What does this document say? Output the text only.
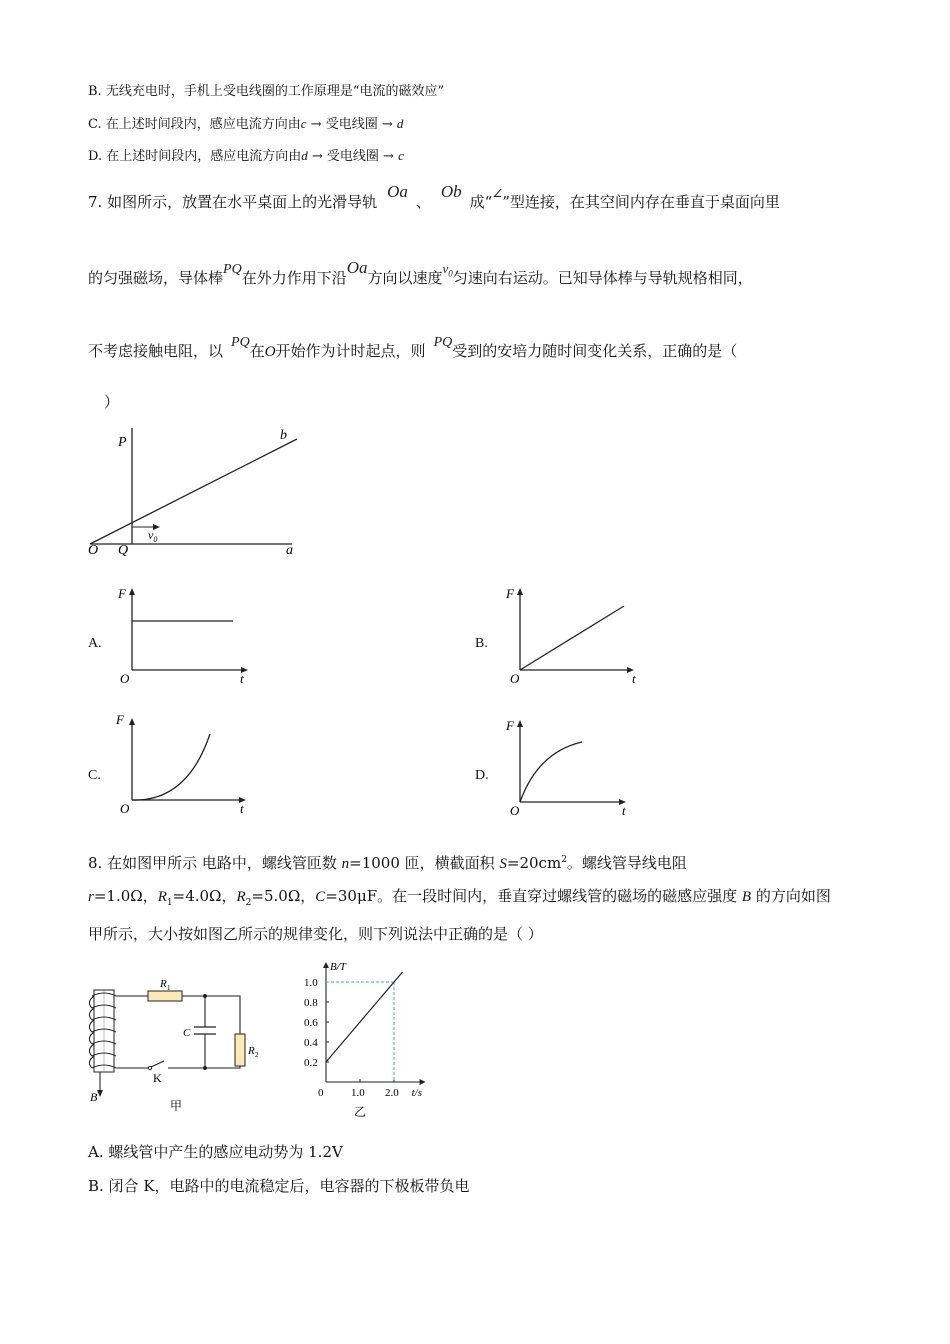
B. 无线充电时，手机上受电线圈的工作原理是“电流的磁效应”
C. 在上述时间段内，感应电流方向由c → 受电线圈 → d
D. 在上述时间段内，感应电流方向由d → 受电线圈 → c
7. 如图所示，放置在水平桌面上的光滑导轨Oa、Ob成“∠”型连接，在其空间内存在垂直于桌面向里
的匀强磁场，导体棒PQ在外力作用下沿Oa方向以速度$v_0$匀速向右运动。已知导体棒与导轨规格相同，
不考虑接触电阻，以 PQ在O开始作为计时起点，则 PQ受到的安培力随时间变化关系，正确的是（
）
P	b
O Q
$v_0$
a
A.
F
O	t
B.
F
O	t
C.
F
O	t
D.
F
O	t
8. 在如图甲所示 电路中，螺线管匝数 n=1000 匝，横截面积 $S=20cm^2$。螺线管导线电阻
r=1.0Ω，$R_1=4.0\Omega$，$R_2=5.0\Omega$，C=30μF。在一段时间内，垂直穿过螺线管的磁场的磁感应强度 B 的方向如图
甲所示，大小按如图乙所示的规律变化，则下列说法中正确的是（ ）
B
R 1
R 2
C
K
甲
0.2
0.4
0.6
0.8
1.0
0	1.0 2.0
B/T
t/s
乙
A. 螺线管中产生的感应电动势为 1.2V
B. 闭合 K，电路中的电流稳定后，电容器的下极板带负电
